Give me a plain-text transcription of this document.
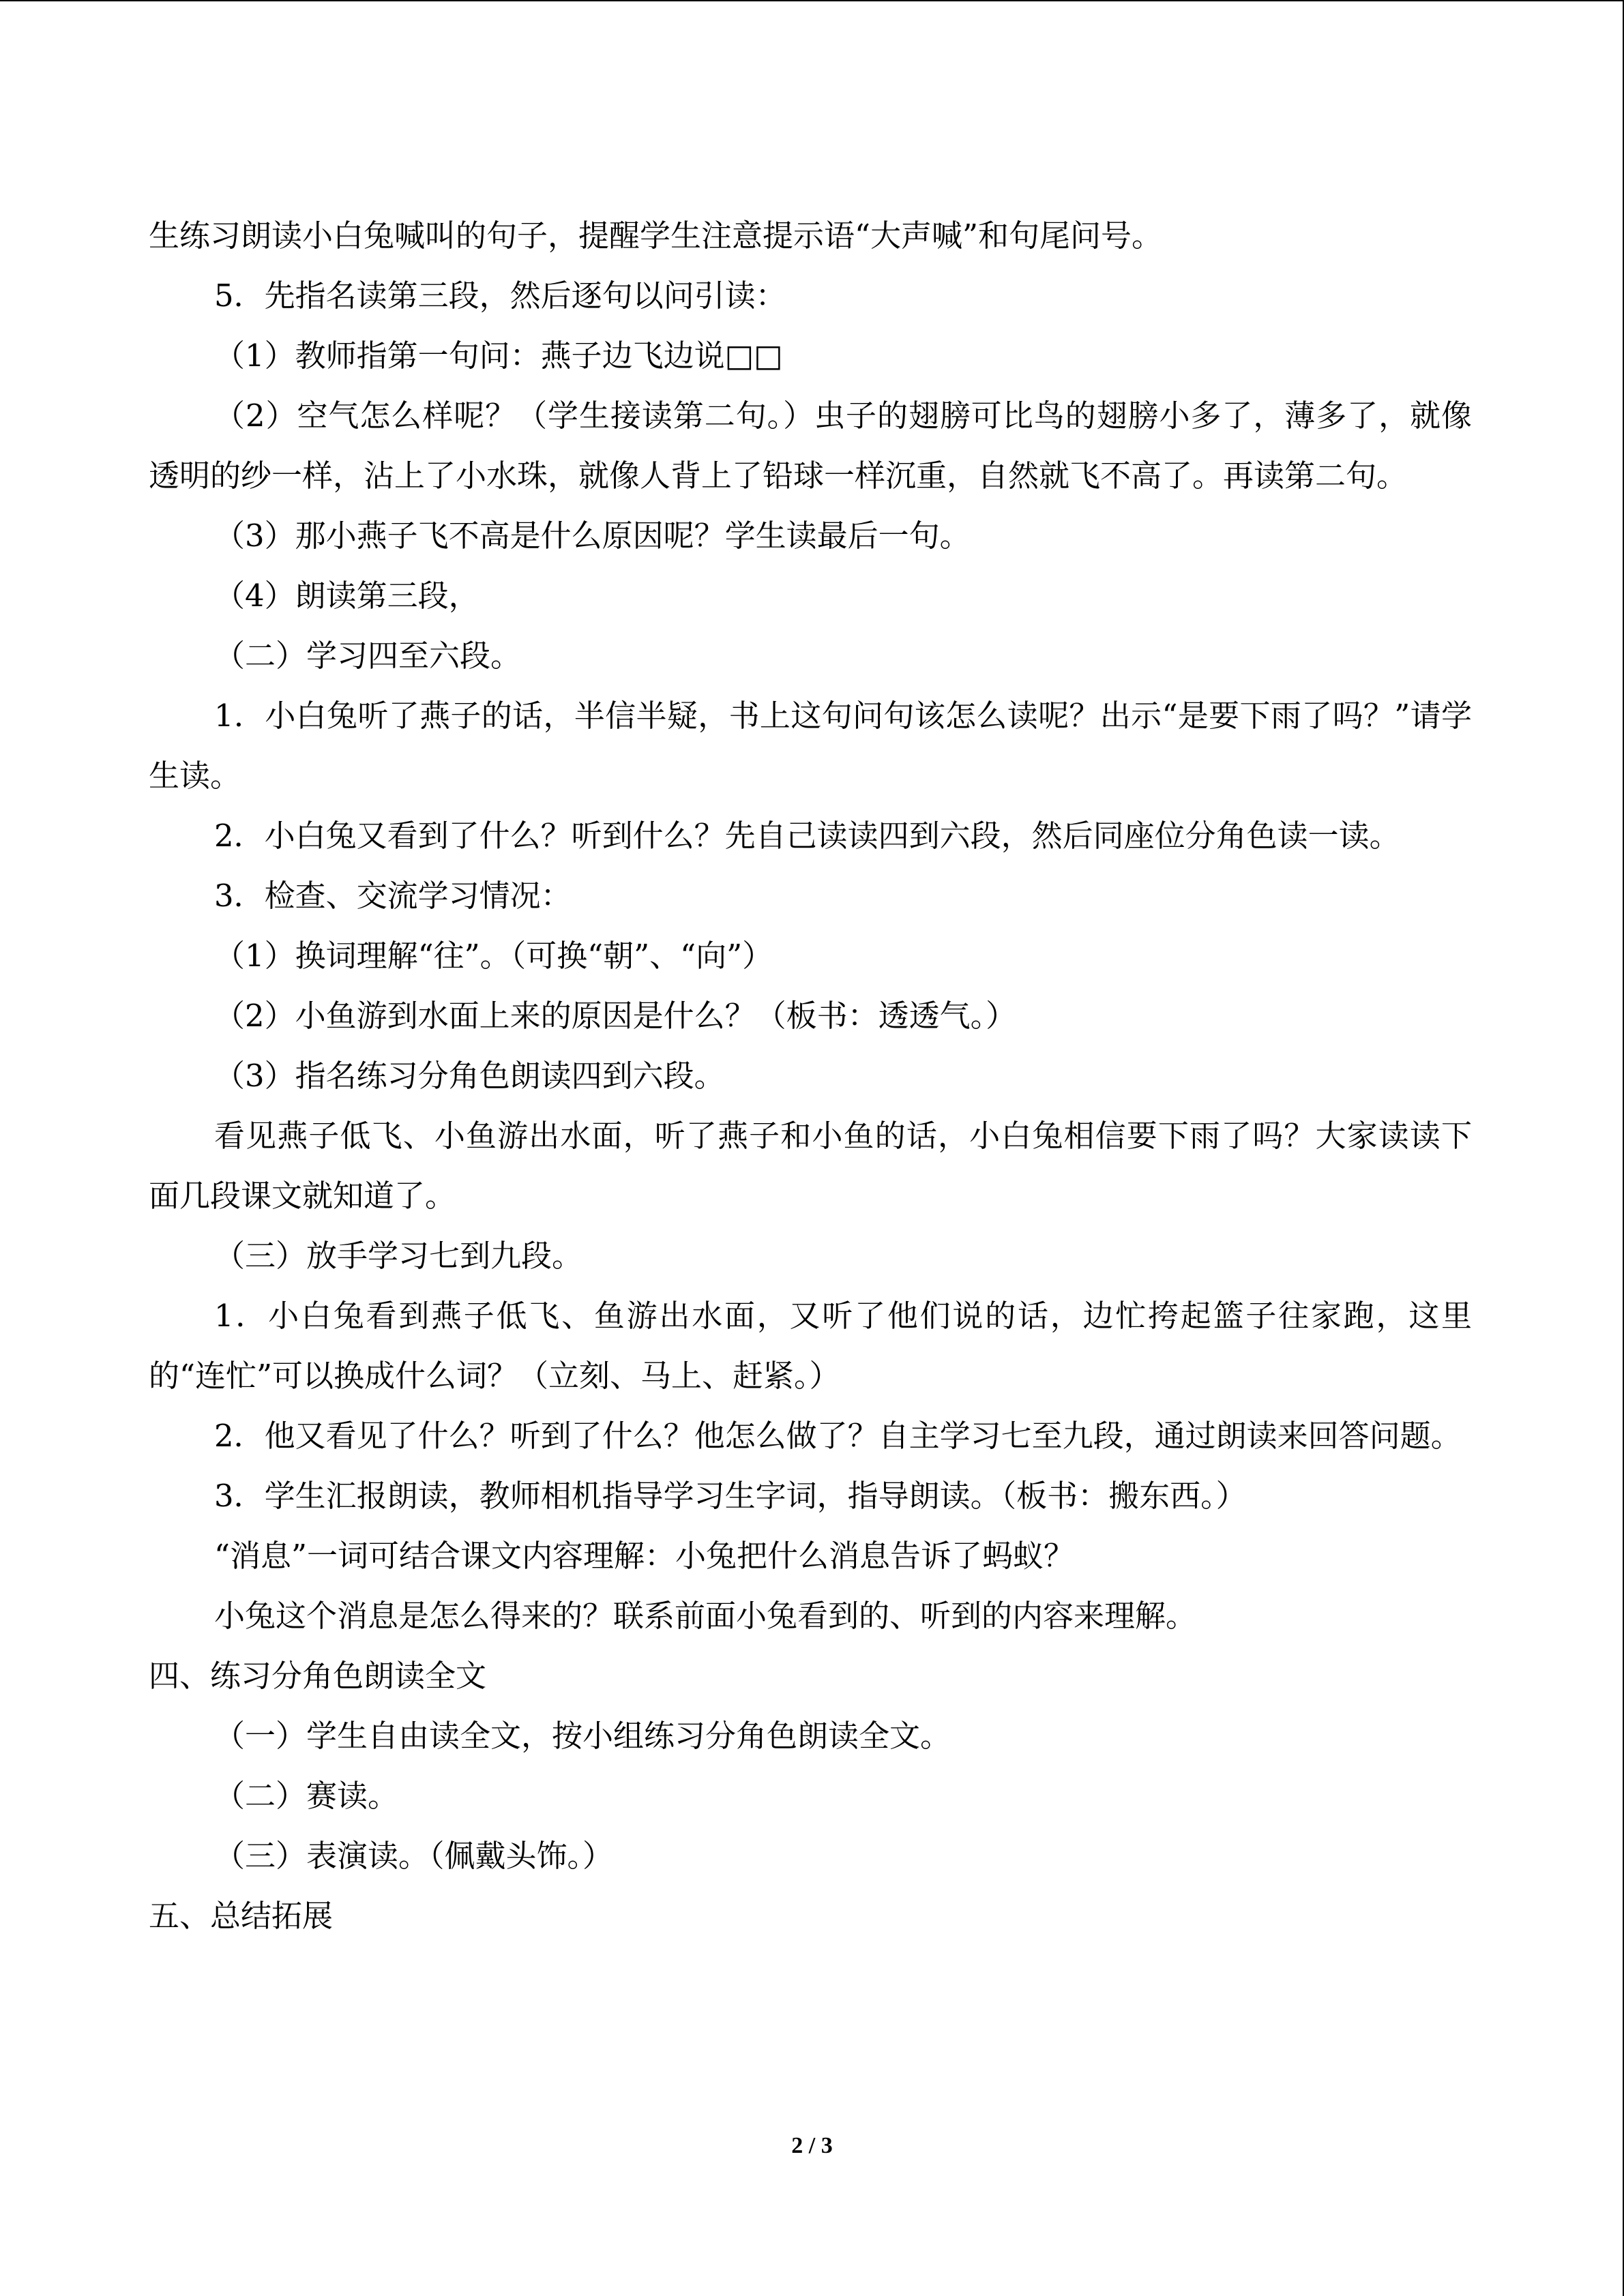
生练习朗读小白兔喊叫的句子，提醒学生注意提示语“大声喊”和句尾问号。

5．先指名读第三段，然后逐句以问引读：

（1）教师指第一句问：燕子边飞边说□□

（2）空气怎么样呢？（学生接读第二句。）虫子的翅膀可比鸟的翅膀小多了，薄多了，就像透明的纱一样，沾上了小水珠，就像人背上了铅球一样沉重，自然就飞不高了。再读第二句。

（3）那小燕子飞不高是什么原因呢？学生读最后一句。

（4）朗读第三段，

（二）学习四至六段。

1．小白兔听了燕子的话，半信半疑，书上这句问句该怎么读呢？出示“是要下雨了吗？”请学生读。

2．小白兔又看到了什么？听到什么？先自己读读四到六段，然后同座位分角色读一读。

3．检查、交流学习情况：

（1）换词理解“往”。（可换“朝”、“向”）

（2）小鱼游到水面上来的原因是什么？（板书：透透气。）

（3）指名练习分角色朗读四到六段。

看见燕子低飞、小鱼游出水面，听了燕子和小鱼的话，小白兔相信要下雨了吗？大家读读下面几段课文就知道了。

（三）放手学习七到九段。

1．小白兔看到燕子低飞、鱼游出水面，又听了他们说的话，边忙挎起篮子往家跑，这里的“连忙”可以换成什么词？（立刻、马上、赶紧。）

2．他又看见了什么？听到了什么？他怎么做了？自主学习七至九段，通过朗读来回答问题。

3．学生汇报朗读，教师相机指导学习生字词，指导朗读。（板书：搬东西。）

“消息”一词可结合课文内容理解：小兔把什么消息告诉了蚂蚁？

小兔这个消息是怎么得来的？联系前面小兔看到的、听到的内容来理解。

四、练习分角色朗读全文

（一）学生自由读全文，按小组练习分角色朗读全文。

（二）赛读。

（三）表演读。（佩戴头饰。）

五、总结拓展

2 / 3
